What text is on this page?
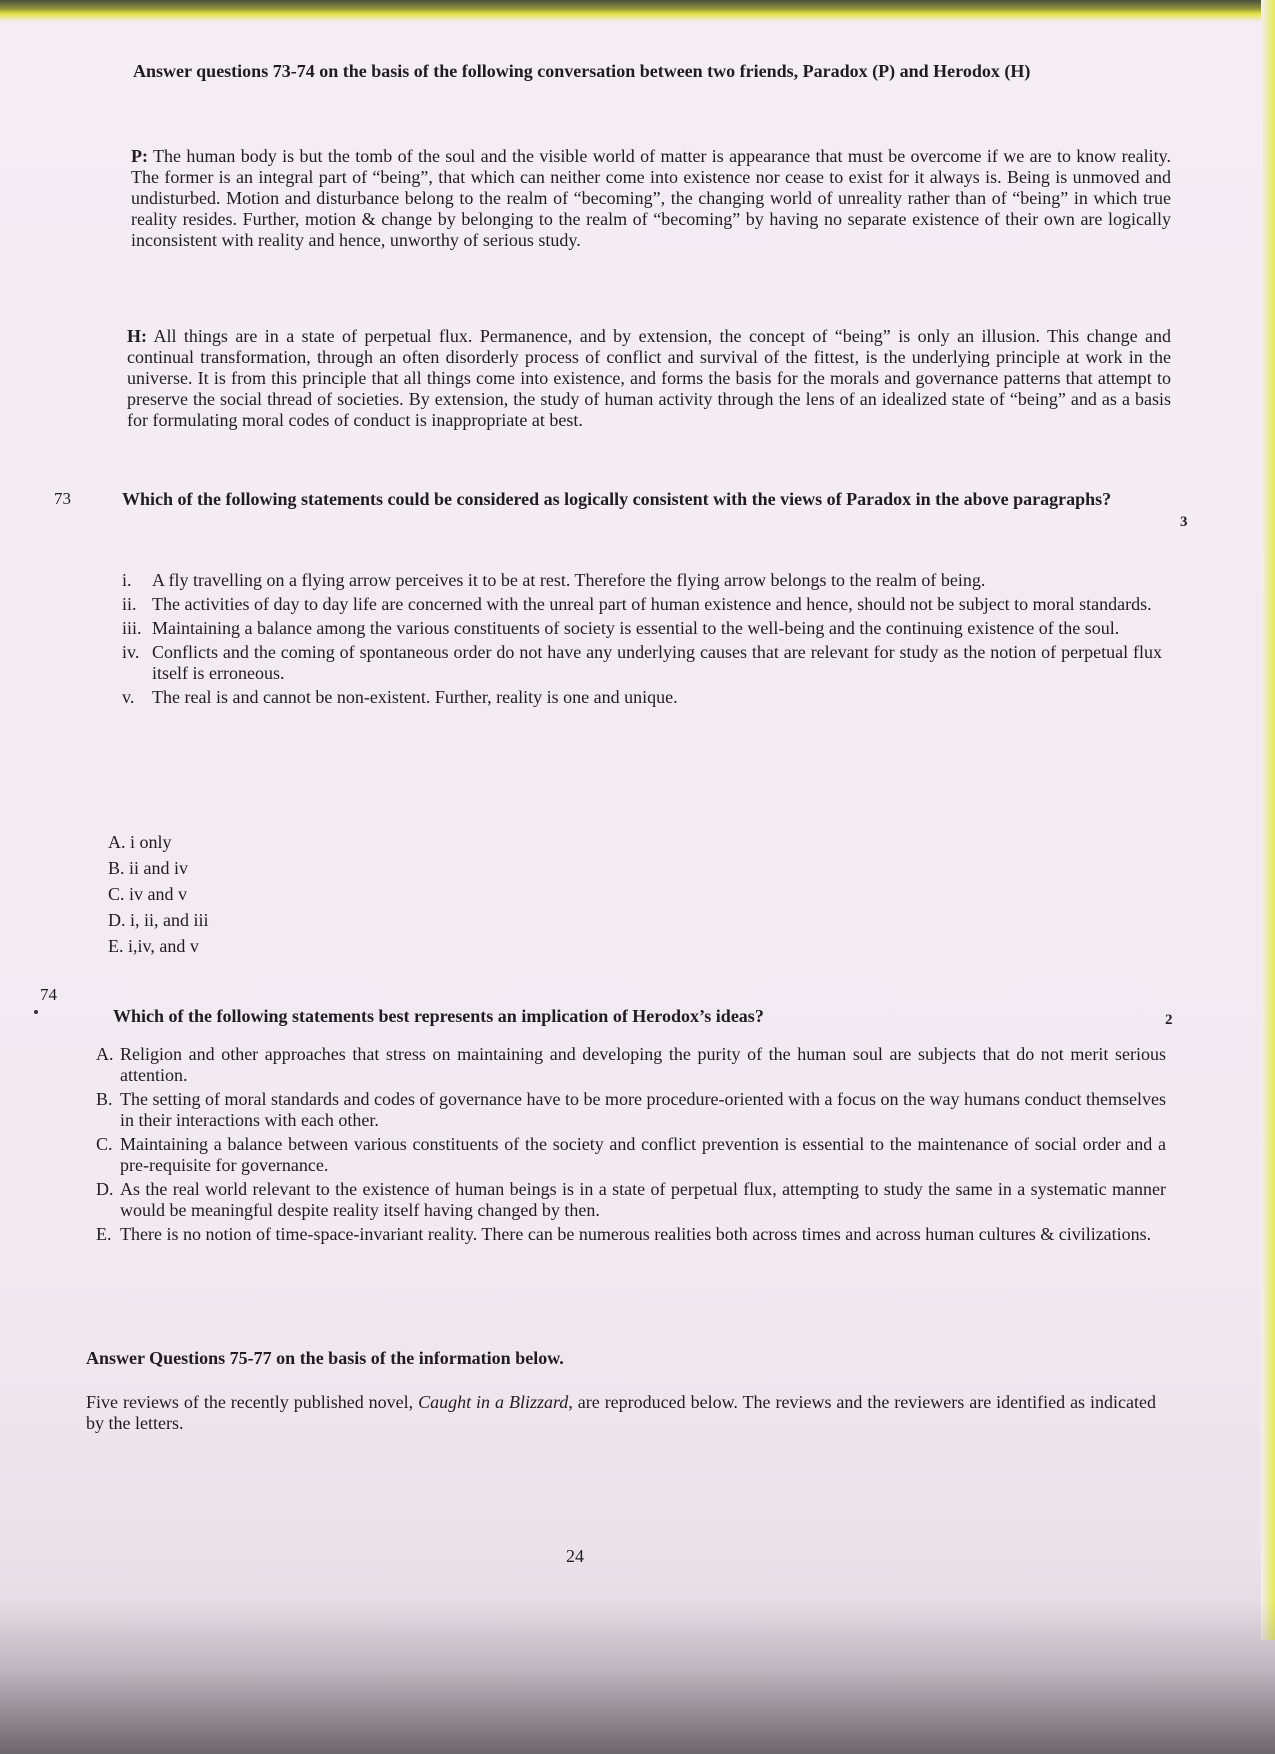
Answer questions 73-74 on the basis of the following conversation between two friends, Paradox (P) and Herodox (H)
P: The human body is but the tomb of the soul and the visible world of matter is appearance that must be overcome if we are to know reality. The former is an integral part of “being”, that which can neither come into existence nor cease to exist for it always is. Being is unmoved and undisturbed. Motion and disturbance belong to the realm of “becoming”, the changing world of unreality rather than of “being” in which true reality resides. Further, motion & change by belonging to the realm of “becoming” by having no separate existence of their own are logically inconsistent with reality and hence, unworthy of serious study.
H: All things are in a state of perpetual flux. Permanence, and by extension, the concept of “being” is only an illusion. This change and continual transformation, through an often disorderly process of conflict and survival of the fittest, is the underlying principle at work in the universe. It is from this principle that all things come into existence, and forms the basis for the morals and governance patterns that attempt to preserve the social thread of societies. By extension, the study of human activity through the lens of an idealized state of “being” and as a basis for formulating moral codes of conduct is inappropriate at best.
73	Which of the following statements could be considered as logically consistent with the views of Paradox in the above paragraphs?
3
i.	A fly travelling on a flying arrow perceives it to be at rest. Therefore the flying arrow belongs to the realm of being.
ii. The activities of day to day life are concerned with the unreal part of human existence and hence, should not be subject to moral standards.
iii. Maintaining a balance among the various constituents of society is essential to the well-being and the continuing existence of the soul.
iv. Conflicts and the coming of spontaneous order do not have any underlying causes that are relevant for study as the notion of perpetual flux itself is erroneous.
v. The real is and cannot be non-existent. Further, reality is one and unique.
A. i only
B. ii and iv
C. iv and v
D. i, ii, and iii
E. i,iv, and v
74
Which of the following statements best represents an implication of Herodox’s ideas?	2
A. Religion and other approaches that stress on maintaining and developing the purity of the human soul are subjects that do not merit serious attention.
B. The setting of moral standards and codes of governance have to be more procedure-oriented with a focus on the way humans conduct themselves in their interactions with each other.
C. Maintaining a balance between various constituents of the society and conflict prevention is essential to the maintenance of social order and a pre-requisite for governance.
D. As the real world relevant to the existence of human beings is in a state of perpetual flux, attempting to study the same in a systematic manner would be meaningful despite reality itself having changed by then.
E. There is no notion of time-space-invariant reality. There can be numerous realities both across times and across human cultures & civilizations.
Answer Questions 75-77 on the basis of the information below.
Five reviews of the recently published novel, Caught in a Blizzard, are reproduced below. The reviews and the reviewers are identified as indicated by the letters.
24
